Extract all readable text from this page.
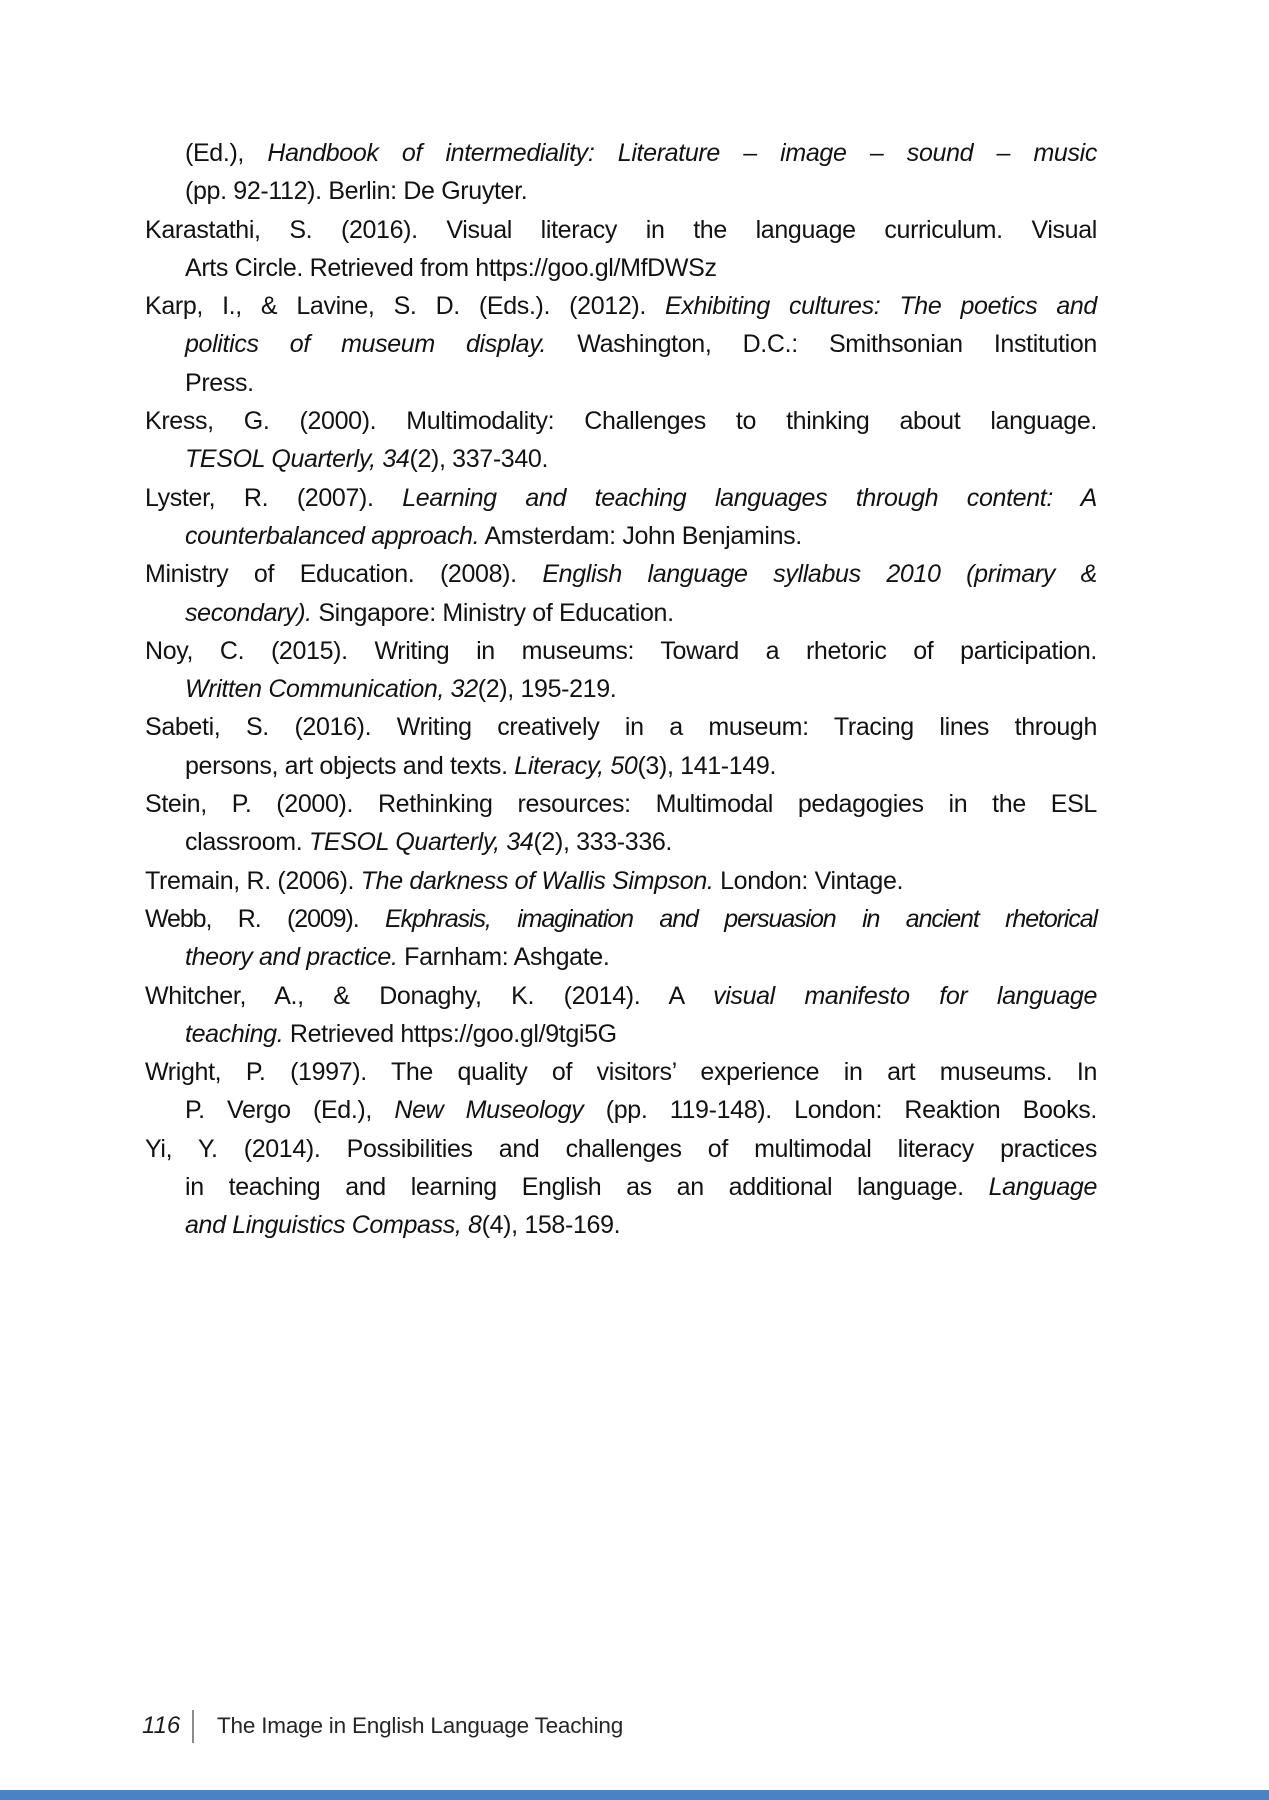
(Ed.), Handbook of intermediality: Literature – image – sound – music
(pp. 92-112). Berlin: De Gruyter.
Karastathi, S. (2016). Visual literacy in the language curriculum. Visual
Arts Circle. Retrieved from https://goo.gl/MfDWSz
Karp, I., & Lavine, S. D. (Eds.). (2012). Exhibiting cultures: The poetics and
politics of museum display. Washington, D.C.: Smithsonian Institution
Press.
Kress, G. (2000). Multimodality: Challenges to thinking about language.
TESOL Quarterly, 34(2), 337-340.
Lyster, R. (2007). Learning and teaching languages through content: A
counterbalanced approach. Amsterdam: John Benjamins.
Ministry of Education. (2008). English language syllabus 2010 (primary &
secondary). Singapore: Ministry of Education.
Noy, C. (2015). Writing in museums: Toward a rhetoric of participation.
Written Communication, 32(2), 195-219.
Sabeti, S. (2016). Writing creatively in a museum: Tracing lines through
persons, art objects and texts. Literacy, 50(3), 141-149.
Stein, P. (2000). Rethinking resources: Multimodal pedagogies in the ESL
classroom. TESOL Quarterly, 34(2), 333-336.
Tremain, R. (2006). The darkness of Wallis Simpson. London: Vintage.
Webb, R. (2009). Ekphrasis, imagination and persuasion in ancient rhetorical
theory and practice. Farnham: Ashgate.
Whitcher, A., & Donaghy, K. (2014). A visual manifesto for language
teaching. Retrieved https://goo.gl/9tgi5G
Wright, P. (1997). The quality of visitors’ experience in art museums. In
P. Vergo (Ed.), New Museology (pp. 119-148). London: Reaktion Books.
Yi, Y. (2014). Possibilities and challenges of multimodal literacy practices
in teaching and learning English as an additional language. Language
and Linguistics Compass, 8(4), 158-169.
116	The Image in English Language Teaching
